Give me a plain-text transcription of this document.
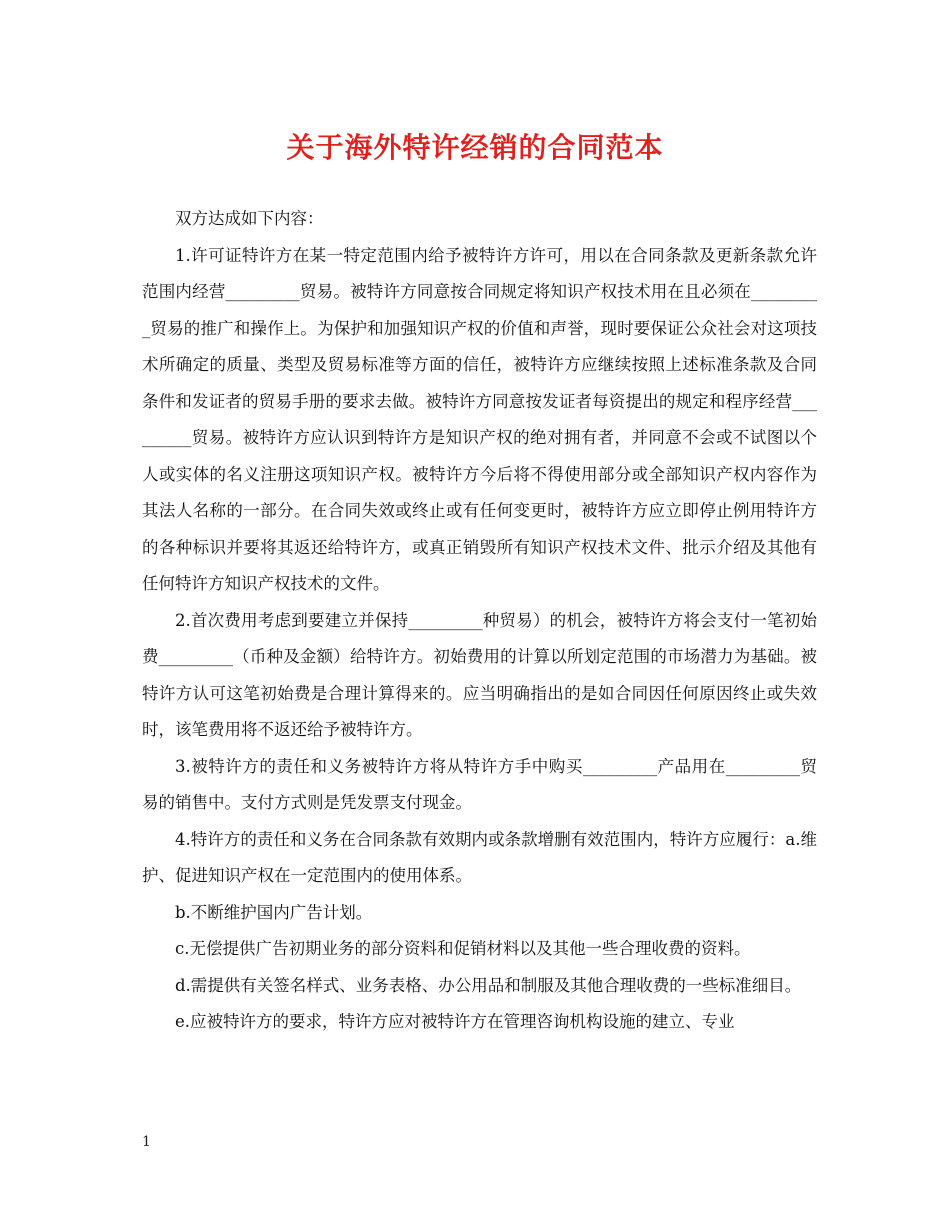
关于海外特许经销的合同范本

双方达成如下内容：

1.许可证特许方在某一特定范围内给予被特许方许可，用以在合同条款及更新条款允许范围内经营_________贸易。被特许方同意按合同规定将知识产权技术用在且必须在_________贸易的推广和操作上。为保护和加强知识产权的价值和声誉，现时要保证公众社会对这项技术所确定的质量、类型及贸易标准等方面的信任，被特许方应继续按照上述标准条款及合同条件和发证者的贸易手册的要求去做。被特许方同意按发证者每资提出的规定和程序经营_________贸易。被特许方应认识到特许方是知识产权的绝对拥有者，并同意不会或不试图以个人或实体的名义注册这项知识产权。被特许方今后将不得使用部分或全部知识产权内容作为其法人名称的一部分。在合同失效或终止或有任何变更时，被特许方应立即停止例用特许方的各种标识并要将其返还给特许方，或真正销毁所有知识产权技术文件、批示介绍及其他有任何特许方知识产权技术的文件。

2.首次费用考虑到要建立并保持_________种贸易）的机会，被特许方将会支付一笔初始费_________（币种及金额）给特许方。初始费用的计算以所划定范围的市场潜力为基础。被特许方认可这笔初始费是合理计算得来的。应当明确指出的是如合同因任何原因终止或失效时，该笔费用将不返还给予被特许方。

3.被特许方的责任和义务被特许方将从特许方手中购买_________产品用在_________贸易的销售中。支付方式则是凭发票支付现金。

4.特许方的责任和义务在合同条款有效期内或条款增删有效范围内，特许方应履行：a.维护、促进知识产权在一定范围内的使用体系。

b.不断维护国内广告计划。

c.无偿提供广告初期业务的部分资料和促销材料以及其他一些合理收费的资料。

d.需提供有关签名样式、业务表格、办公用品和制服及其他合理收费的一些标准细目。

e.应被特许方的要求，特许方应对被特许方在管理咨询机构设施的建立、专业

1
